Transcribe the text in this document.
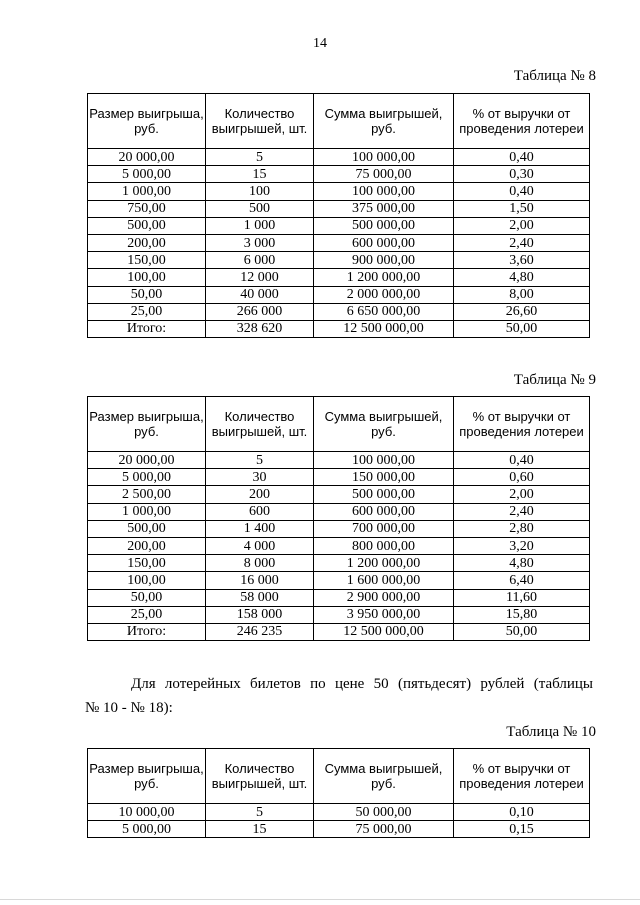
14
Таблица № 8
Размер выигрыша, руб.	Количество выигрышей, шт.	Сумма выигрышей, руб.	% от выручки от проведения лотереи
20 000,00	5	100 000,00	0,40
5 000,00	15	75 000,00	0,30
1 000,00	100	100 000,00	0,40
750,00	500	375 000,00	1,50
500,00	1 000	500 000,00	2,00
200,00	3 000	600 000,00	2,40
150,00	6 000	900 000,00	3,60
100,00	12 000	1 200 000,00	4,80
50,00	40 000	2 000 000,00	8,00
25,00	266 000	6 650 000,00	26,60
Итого:	328 620	12 500 000,00	50,00
Таблица № 9
Размер выигрыша, руб.	Количество выигрышей, шт.	Сумма выигрышей, руб.	% от выручки от проведения лотереи
20 000,00	5	100 000,00	0,40
5 000,00	30	150 000,00	0,60
2 500,00	200	500 000,00	2,00
1 000,00	600	600 000,00	2,40
500,00	1 400	700 000,00	2,80
200,00	4 000	800 000,00	3,20
150,00	8 000	1 200 000,00	4,80
100,00	16 000	1 600 000,00	6,40
50,00	58 000	2 900 000,00	11,60
25,00	158 000	3 950 000,00	15,80
Итого:	246 235	12 500 000,00	50,00
Для лотерейных билетов по цене 50 (пятьдесят) рублей (таблицы
№ 10 - № 18):
Таблица № 10
Размер выигрыша, руб.	Количество выигрышей, шт.	Сумма выигрышей, руб.	% от выручки от проведения лотереи
10 000,00	5	50 000,00	0,10
5 000,00	15	75 000,00	0,15
